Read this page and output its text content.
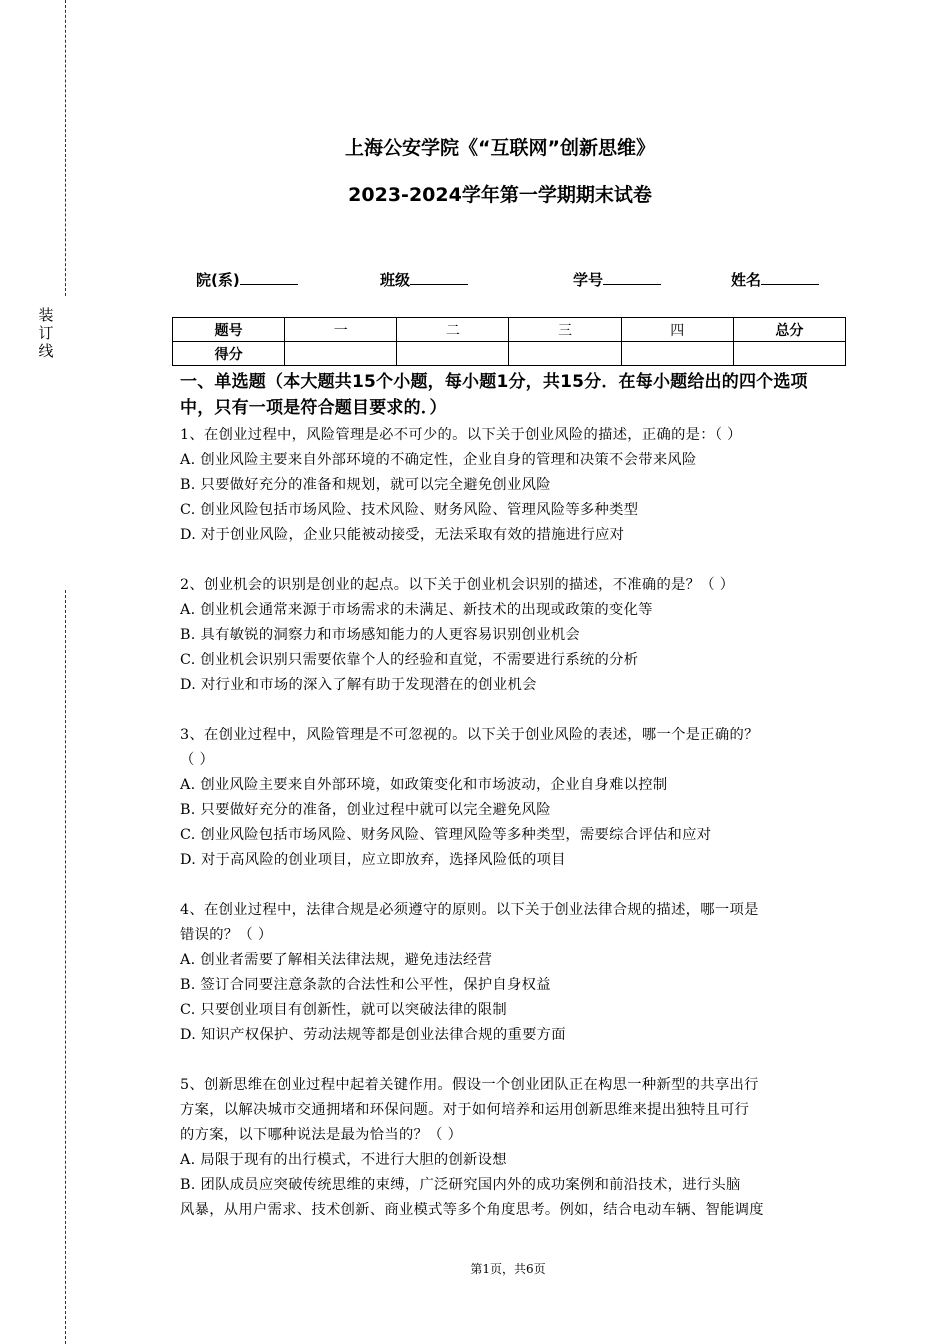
装订线
上海公安学院《“互联网”创新思维》
2023-2024学年第一学期期末试卷
院(系)	班级	学号	姓名
题号	一	二	三	四	总分
得分					
一、单选题（本大题共15个小题，每小题1分，共15分．在每小题给出的四个选项中，只有一项是符合题目要求的．）
1、在创业过程中，风险管理是必不可少的。以下关于创业风险的描述，正确的是：（ ）
A. 创业风险主要来自外部环境的不确定性，企业自身的管理和决策不会带来风险
B. 只要做好充分的准备和规划，就可以完全避免创业风险
C. 创业风险包括市场风险、技术风险、财务风险、管理风险等多种类型
D. 对于创业风险，企业只能被动接受，无法采取有效的措施进行应对
2、创业机会的识别是创业的起点。以下关于创业机会识别的描述，不准确的是？（ ）
A. 创业机会通常来源于市场需求的未满足、新技术的出现或政策的变化等
B. 具有敏锐的洞察力和市场感知能力的人更容易识别创业机会
C. 创业机会识别只需要依靠个人的经验和直觉，不需要进行系统的分析
D. 对行业和市场的深入了解有助于发现潜在的创业机会
3、在创业过程中，风险管理是不可忽视的。以下关于创业风险的表述，哪一个是正确的？
（ ）
A. 创业风险主要来自外部环境，如政策变化和市场波动，企业自身难以控制
B. 只要做好充分的准备，创业过程中就可以完全避免风险
C. 创业风险包括市场风险、财务风险、管理风险等多种类型，需要综合评估和应对
D. 对于高风险的创业项目，应立即放弃，选择风险低的项目
4、在创业过程中，法律合规是必须遵守的原则。以下关于创业法律合规的描述，哪一项是
错误的？（ ）
A. 创业者需要了解相关法律法规，避免违法经营
B. 签订合同要注意条款的合法性和公平性，保护自身权益
C. 只要创业项目有创新性，就可以突破法律的限制
D. 知识产权保护、劳动法规等都是创业法律合规的重要方面
5、创新思维在创业过程中起着关键作用。假设一个创业团队正在构思一种新型的共享出行
方案，以解决城市交通拥堵和环保问题。对于如何培养和运用创新思维来提出独特且可行
的方案，以下哪种说法是最为恰当的？（ ）
A. 局限于现有的出行模式，不进行大胆的创新设想
B. 团队成员应突破传统思维的束缚，广泛研究国内外的成功案例和前沿技术，进行头脑
风暴，从用户需求、技术创新、商业模式等多个角度思考。例如，结合电动车辆、智能调度
第1页，共6页
